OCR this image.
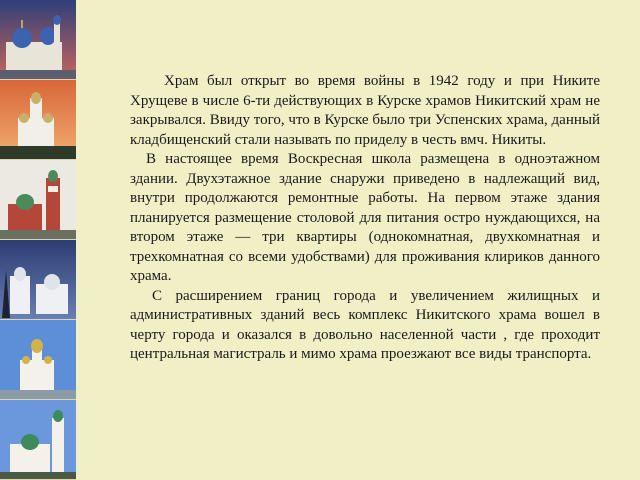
Храм был открыт во время войны в 1942 году и при Никите Хрущеве в числе 6-ти действующих в Курске храмов Никитский храм не закрывался. Ввиду того, что в Курске было три Успенских храма, данный кладбищенский стали называть по приделу в честь вмч. Никиты.

В настоящее время Воскресная школа размещена в одноэтажном здании. Двухэтажное здание снаружи приведено в надлежащий вид, внутри продолжаются ремонтные работы. На первом этаже здания планируется размещение столовой для питания остро нуждающихся, на втором этаже — три квартиры (однокомнатная, двухкомнатная и трехкомнатная со всеми удобствами) для проживания клириков данного храма.

С расширением границ города и увеличением жилищных и административных зданий весь комплекс Никитского храма вошел в черту города и оказался в довольно населенной части , где проходит центральная магистраль и мимо храма проезжают все виды транспорта.
